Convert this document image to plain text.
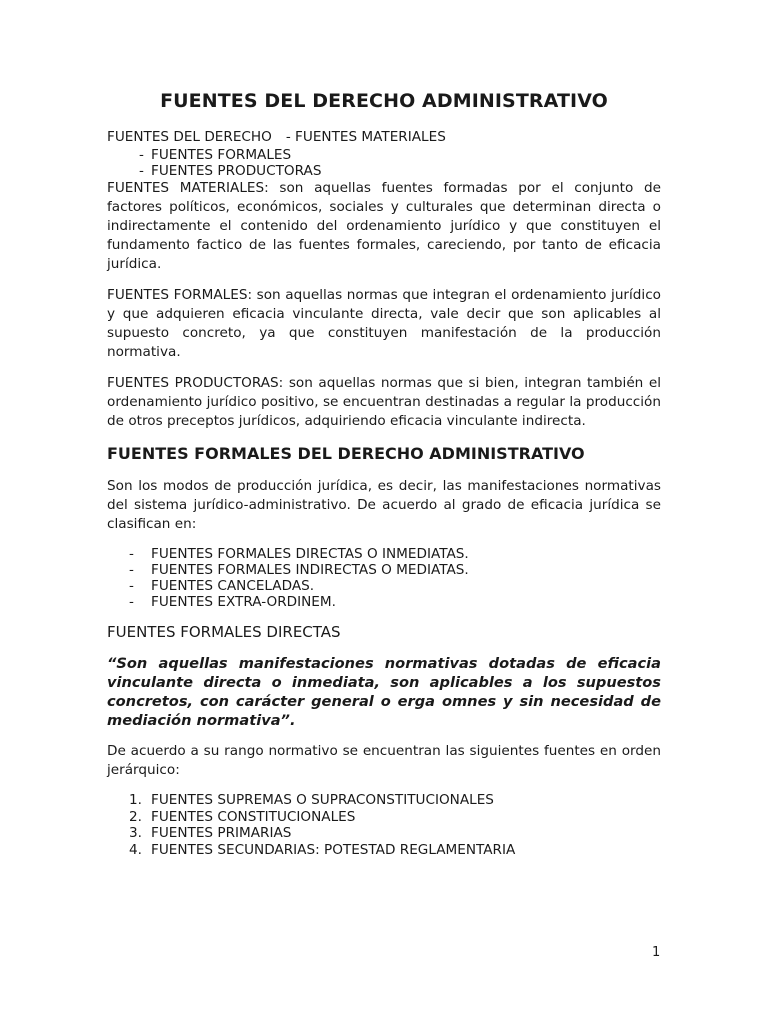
FUENTES DEL DERECHO ADMINISTRATIVO

FUENTES DEL DERECHO - FUENTES MATERIALES

- FUENTES FORMALES
- FUENTES PRODUCTORAS

FUENTES MATERIALES: son aquellas fuentes formadas por el conjunto de factores políticos, económicos, sociales y culturales que determinan directa o indirectamente el contenido del ordenamiento jurídico y que constituyen el fundamento factico de las fuentes formales, careciendo, por tanto de eficacia jurídica.

FUENTES FORMALES: son aquellas normas que integran el ordenamiento jurídico y que adquieren eficacia vinculante directa, vale decir que son aplicables al supuesto concreto, ya que constituyen manifestación de la producción normativa.

FUENTES PRODUCTORAS: son aquellas normas que si bien, integran también el ordenamiento jurídico positivo, se encuentran destinadas a regular la producción de otros preceptos jurídicos, adquiriendo eficacia vinculante indirecta.

FUENTES FORMALES DEL DERECHO ADMINISTRATIVO

Son los modos de producción jurídica, es decir, las manifestaciones normativas del sistema jurídico-administrativo. De acuerdo al grado de eficacia jurídica se clasifican en:

- FUENTES FORMALES DIRECTAS O INMEDIATAS.
- FUENTES FORMALES INDIRECTAS O MEDIATAS.
- FUENTES CANCELADAS.
- FUENTES EXTRA-ORDINEM.
FUENTES FORMALES DIRECTAS

“Son aquellas manifestaciones normativas dotadas de eficacia vinculante directa o inmediata, son aplicables a los supuestos concretos, con carácter general o erga omnes y sin necesidad de mediación normativa”.

De acuerdo a su rango normativo se encuentran las siguientes fuentes en orden jerárquico:

1. FUENTES SUPREMAS O SUPRACONSTITUCIONALES
2. FUENTES CONSTITUCIONALES
3. FUENTES PRIMARIAS
4. FUENTES SECUNDARIAS: POTESTAD REGLAMENTARIA
1
